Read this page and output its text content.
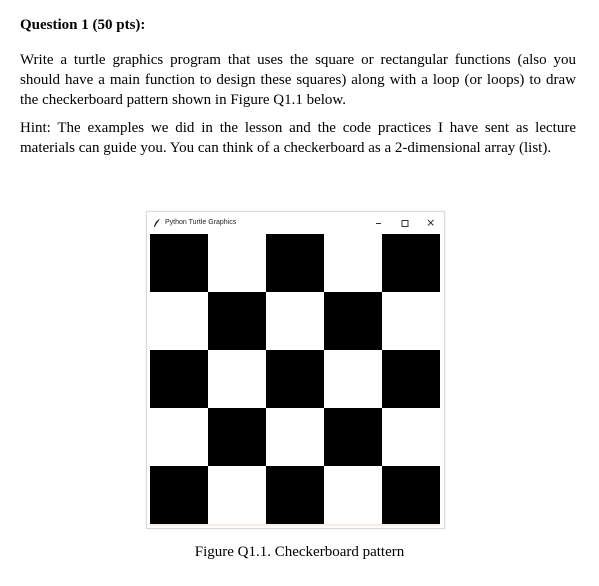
Question 1 (50 pts):
Write a turtle graphics program that uses the square or rectangular functions (also you should have a main function to design these squares) along with a loop (or loops) to draw the checkerboard pattern shown in Figure Q1.1 below.
Hint: The examples we did in the lesson and the code practices I have sent as lecture materials can guide you. You can think of a checkerboard as a 2-dimensional array (list).
Python Turtle Graphics
Figure Q1.1. Checkerboard pattern
